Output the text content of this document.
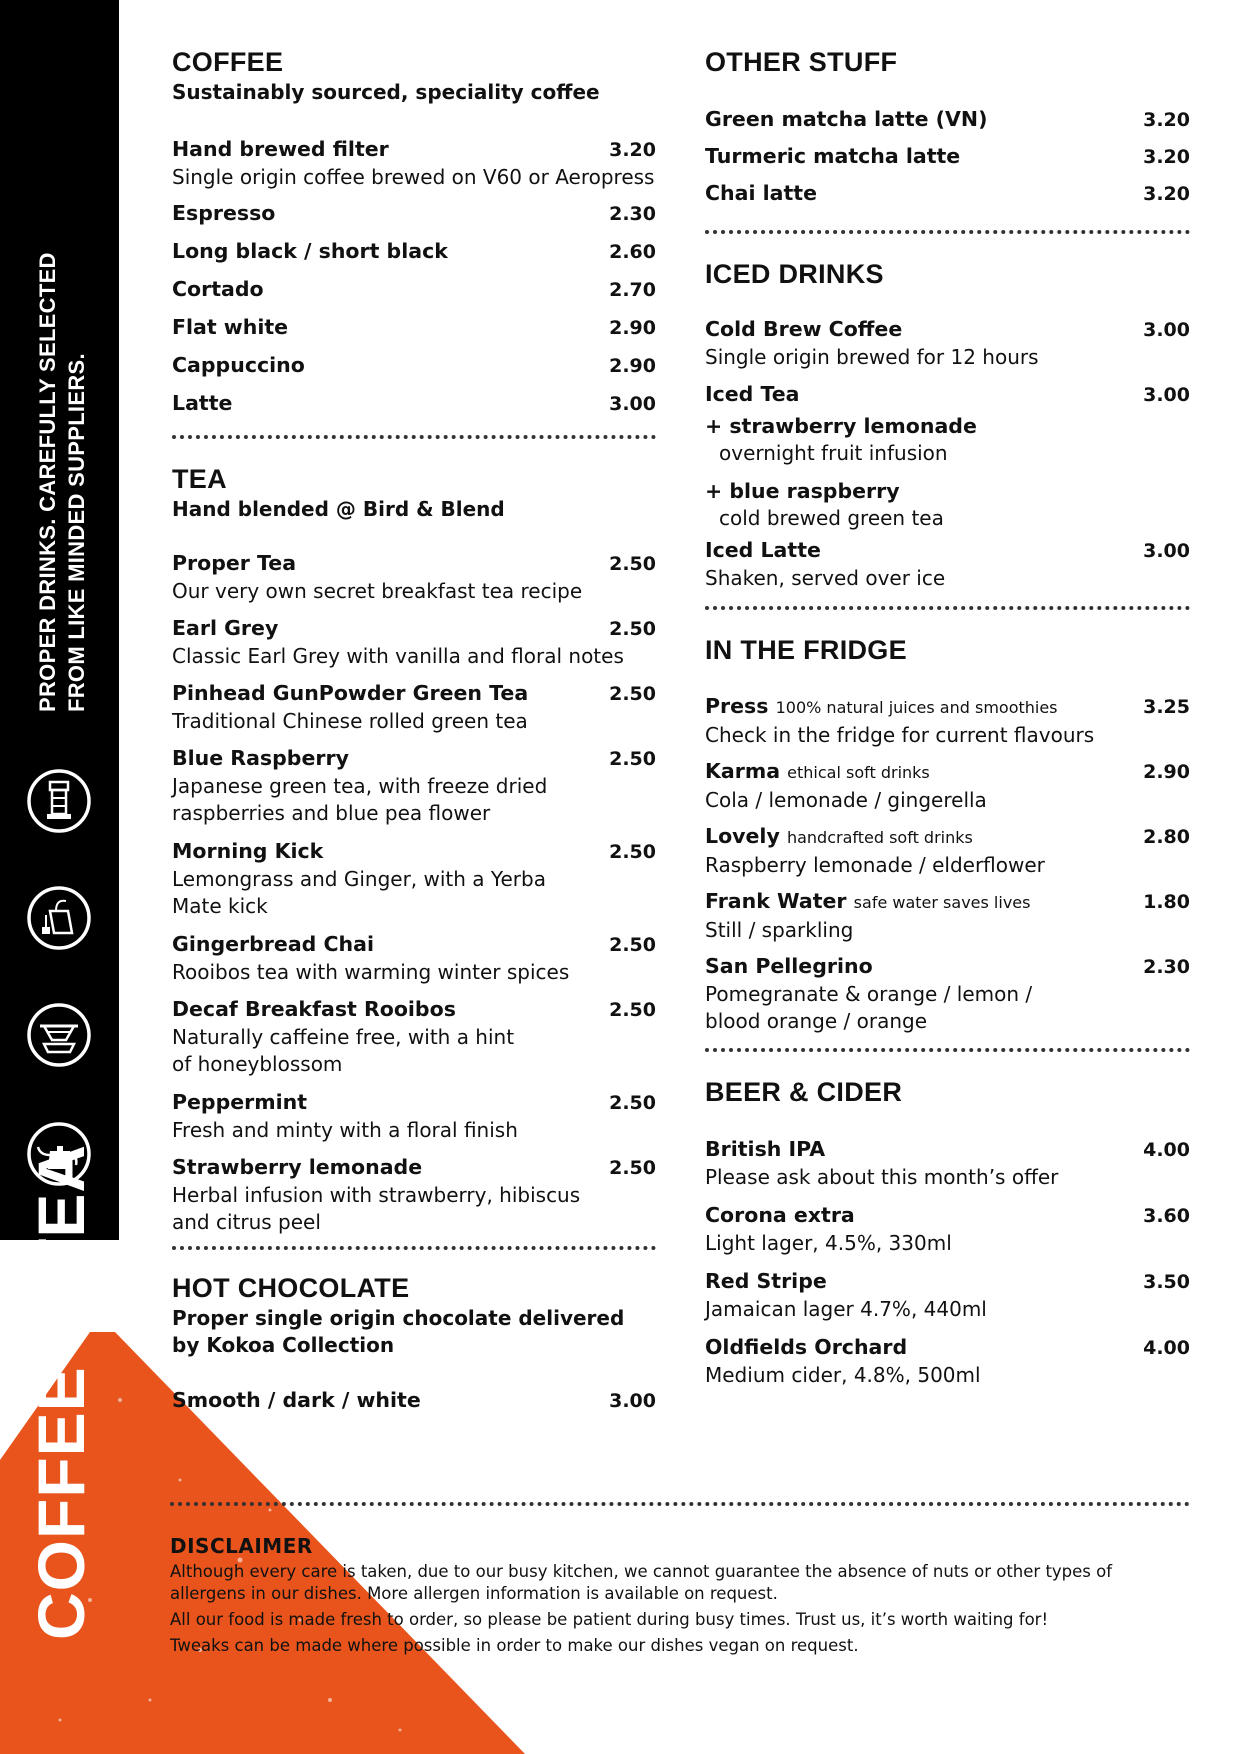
PROPER DRINKS. CAREFULLY SELECTED
FROM LIKE MINDED SUPPLIERS.
COFFEE & TEA
COFFEE
Sustainably sourced, speciality coffee
Hand brewed filter	3.20
Single origin coffee brewed on V60 or Aeropress
Espresso	2.30
Long black / short black	2.60
Cortado	2.70
Flat white	2.90
Cappuccino	2.90
Latte	3.00
TEA
Hand blended @ Bird & Blend
Proper Tea	2.50
Our very own secret breakfast tea recipe
Earl Grey	2.50
Classic Earl Grey with vanilla and floral notes
Pinhead GunPowder Green Tea	2.50
Traditional Chinese rolled green tea
Blue Raspberry	2.50
Japanese green tea, with freeze dried
raspberries and blue pea flower
Morning Kick	2.50
Lemongrass and Ginger, with a Yerba
Mate kick
Gingerbread Chai	2.50
Rooibos tea with warming winter spices
Decaf Breakfast Rooibos	2.50
Naturally caffeine free, with a hint
of honeyblossom
Peppermint	2.50
Fresh and minty with a floral finish
Strawberry lemonade	2.50
Herbal infusion with strawberry, hibiscus
and citrus peel
HOT CHOCOLATE
Proper single origin chocolate delivered
by Kokoa Collection
Smooth / dark / white	3.00
OTHER STUFF
Green matcha latte (VN)	3.20
Turmeric matcha latte	3.20
Chai latte	3.20
ICED DRINKS
Cold Brew Coffee	3.00
Single origin brewed for 12 hours
Iced Tea	3.00
+ strawberry lemonade
overnight fruit infusion
+ blue raspberry
cold brewed green tea
Iced Latte	3.00
Shaken, served over ice
IN THE FRIDGE
Press 100% natural juices and smoothies	3.25
Check in the fridge for current flavours
Karma ethical soft drinks	2.90
Cola / lemonade / gingerella
Lovely handcrafted soft drinks	2.80
Raspberry lemonade / elderflower
Frank Water safe water saves lives	1.80
Still / sparkling
San Pellegrino	2.30
Pomegranate & orange / lemon /
blood orange / orange
BEER & CIDER
British IPA	4.00
Please ask about this month’s offer
Corona extra	3.60
Light lager, 4.5%, 330ml
Red Stripe	3.50
Jamaican lager 4.7%, 440ml
Oldfields Orchard	4.00
Medium cider, 4.8%, 500ml
DISCLAIMER
Although every care is taken, due to our busy kitchen, we cannot guarantee the absence of nuts or other types of
allergens in our dishes. More allergen information is available on request.
All our food is made fresh to order, so please be patient during busy times. Trust us, it’s worth waiting for!
Tweaks can be made where possible in order to make our dishes vegan on request.
